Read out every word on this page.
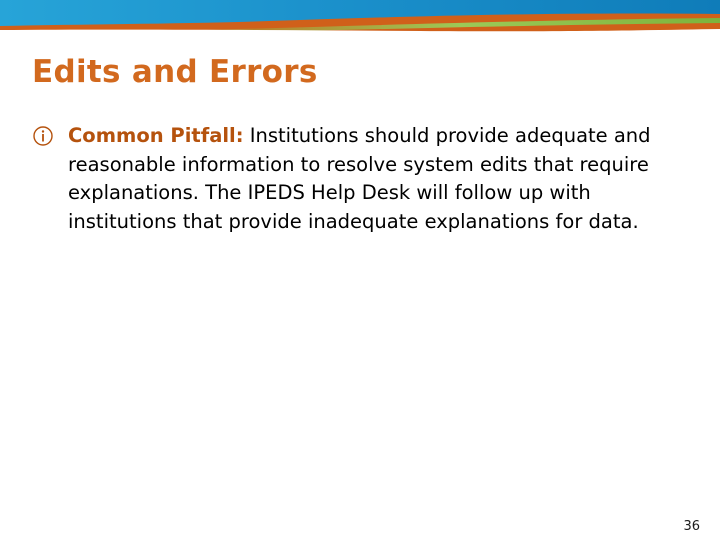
Edits and Errors

Common Pitfall: Institutions should provide adequate and reasonable information to resolve system edits that require explanations. The IPEDS Help Desk will follow up with institutions that provide inadequate explanations for data.

36
